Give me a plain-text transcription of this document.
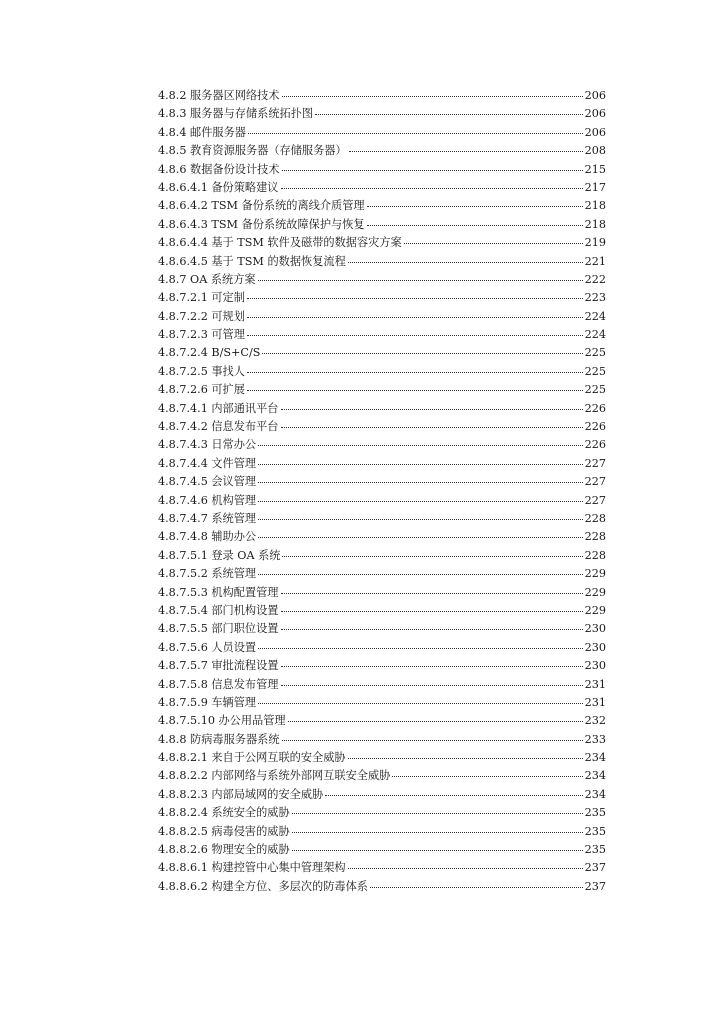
4.8.2 服务器区网络技术	206
4.8.3 服务器与存储系统拓扑图	206
4.8.4 邮件服务器	206
4.8.5 教育资源服务器（存储服务器）	208
4.8.6 数据备份设计技术	215
4.8.6.4.1 备份策略建议	217
4.8.6.4.2 TSM 备份系统的离线介质管理	218
4.8.6.4.3 TSM 备份系统故障保护与恢复	218
4.8.6.4.4 基于 TSM 软件及磁带的数据容灾方案	219
4.8.6.4.5 基于 TSM 的数据恢复流程	221
4.8.7 OA 系统方案	222
4.8.7.2.1 可定制	223
4.8.7.2.2 可规划	224
4.8.7.2.3 可管理	224
4.8.7.2.4 B/S+C/S	225
4.8.7.2.5 事找人	225
4.8.7.2.6 可扩展	225
4.8.7.4.1 内部通讯平台	226
4.8.7.4.2 信息发布平台	226
4.8.7.4.3 日常办公	226
4.8.7.4.4 文件管理	227
4.8.7.4.5 会议管理	227
4.8.7.4.6 机构管理	227
4.8.7.4.7 系统管理	228
4.8.7.4.8 辅助办公	228
4.8.7.5.1 登录 OA 系统	228
4.8.7.5.2 系统管理	229
4.8.7.5.3 机构配置管理	229
4.8.7.5.4 部门机构设置	229
4.8.7.5.5 部门职位设置	230
4.8.7.5.6 人员设置	230
4.8.7.5.7 审批流程设置	230
4.8.7.5.8 信息发布管理	231
4.8.7.5.9 车辆管理	231
4.8.7.5.10 办公用品管理	232
4.8.8 防病毒服务器系统	233
4.8.8.2.1 来自于公网互联的安全威胁	234
4.8.8.2.2 内部网络与系统外部网互联安全威胁	234
4.8.8.2.3 内部局域网的安全威胁	234
4.8.8.2.4 系统安全的威胁	235
4.8.8.2.5 病毒侵害的威胁	235
4.8.8.2.6 物理安全的威胁	235
4.8.8.6.1 构建控管中心集中管理架构	237
4.8.8.6.2 构建全方位、多层次的防毒体系	237
